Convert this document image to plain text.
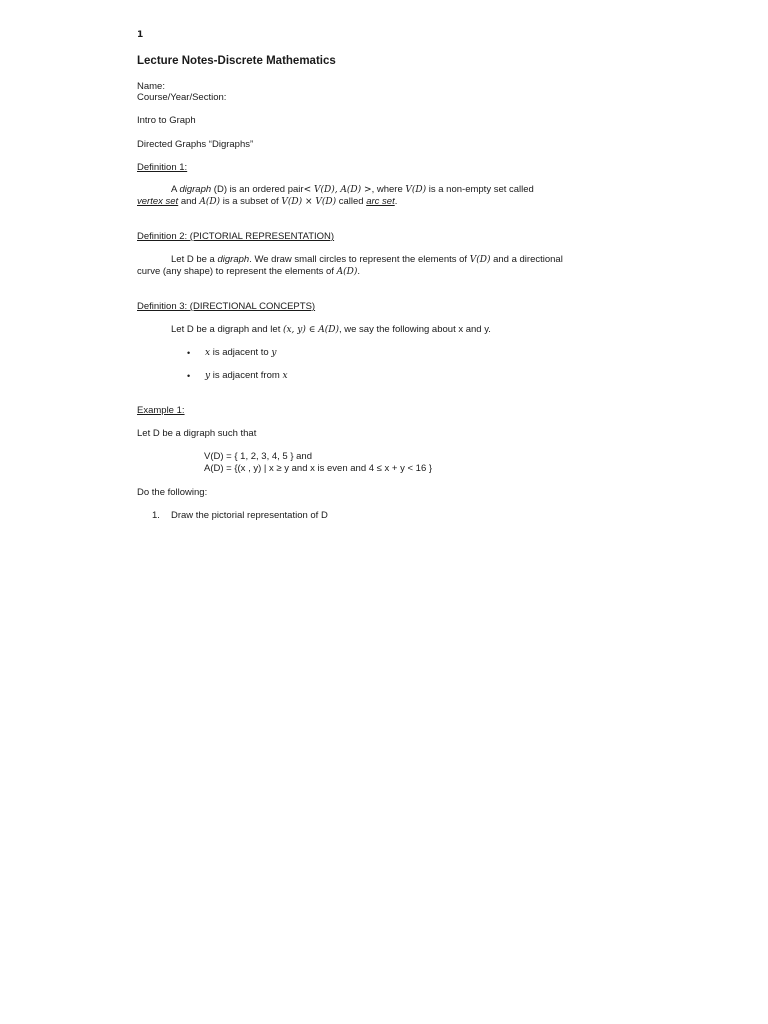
1
Lecture Notes-Discrete Mathematics
Name:
Course/Year/Section:
Intro to Graph
Directed Graphs “Digraphs”
Definition 1:
A digraph (D) is an ordered pair< V(D), A(D) >, where V(D) is a non-empty set called
vertex set and A(D) is a subset of V(D) × V(D) called arc set.
Definition 2: (PICTORIAL REPRESENTATION)
Let D be a digraph. We draw small circles to represent the elements of V(D) and a directional
curve (any shape) to represent the elements of A(D).
Definition 3: (DIRECTIONAL CONCEPTS)
Let D be a digraph and let (x, y) ∈ A(D), we say the following about x and y.
• x is adjacent to y
• y is adjacent from x
Example 1:
Let D be a digraph such that
V(D) = { 1, 2, 3, 4, 5 } and
A(D) = {(x , y) | x ≥ y and x is even and 4 ≤ x + y < 16 }
Do the following:
1. Draw the pictorial representation of D
